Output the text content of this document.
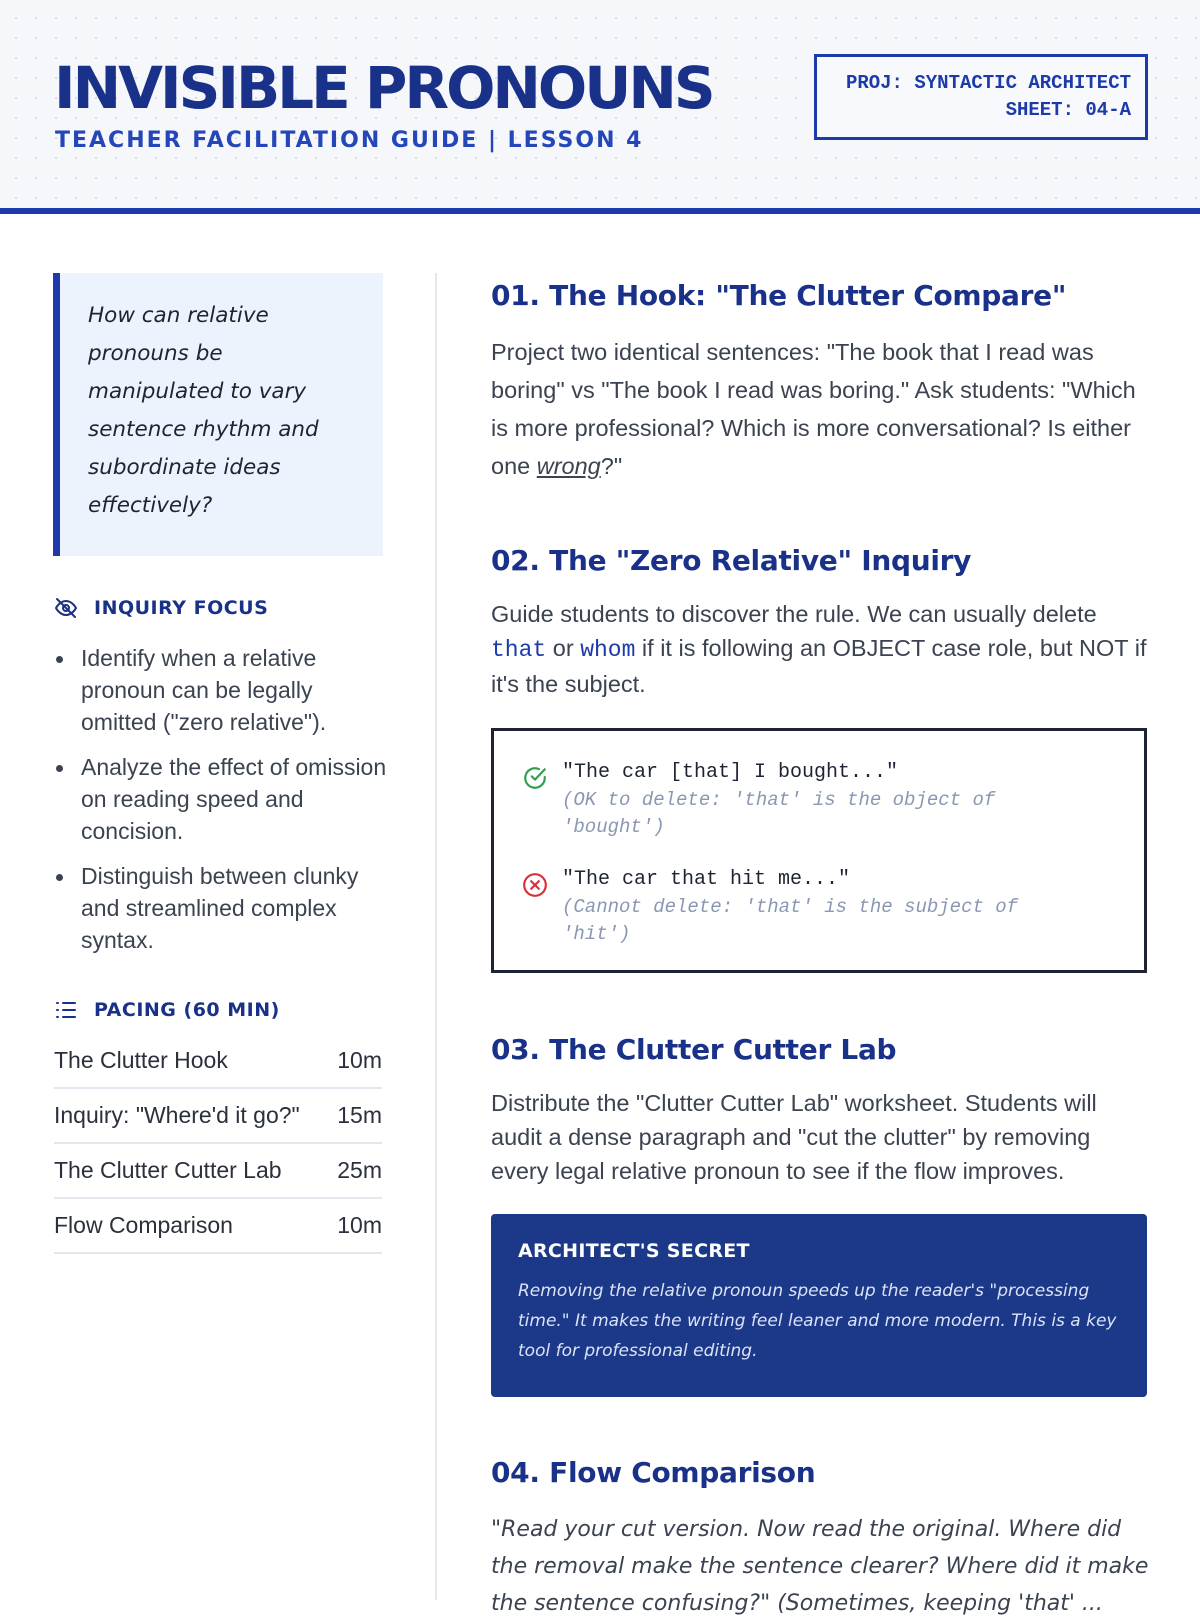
INVISIBLE PRONOUNS
TEACHER FACILITATION GUIDE | LESSON 4
PROJ: SYNTACTIC ARCHITECT
SHEET: 04-A
How can relative pronouns be manipulated to vary sentence rhythm and subordinate ideas effectively?
INQUIRY FOCUS
Identify when a relative pronoun can be legally omitted ("zero relative").
Analyze the effect of omission on reading speed and concision.
Distinguish between clunky and streamlined complex syntax.
PACING (60 MIN)
The Clutter Hook	10m
Inquiry: "Where'd it go?" 15m
The Clutter Cutter Lab 25m
Flow Comparison	10m
01. The Hook: "The Clutter Compare"
Project two identical sentences: "The book that I read was boring" vs "The book I read was boring." Ask students: "Which is more professional? Which is more conversational? Is either one wrong?"
02. The "Zero Relative" Inquiry
Guide students to discover the rule. We can usually delete that or whom if it is following an OBJECT case role, but NOT if it's the subject.
"The car [that] I bought..."
(OK to delete: 'that' is the object of 'bought')
"The car that hit me..."
(Cannot delete: 'that' is the subject of 'hit')
03. The Clutter Cutter Lab
Distribute the "Clutter Cutter Lab" worksheet. Students will audit a dense paragraph and "cut the clutter" by removing every legal relative pronoun to see if the flow improves.
ARCHITECT'S SECRET
Removing the relative pronoun speeds up the reader's "processing time." It makes the writing feel leaner and more modern. This is a key tool for professional editing.
04. Flow Comparison
"Read your cut version. Now read the original. Where did the removal make the sentence clearer? Where did it make the sentence confusing?" (Sometimes, keeping 'that' ...
